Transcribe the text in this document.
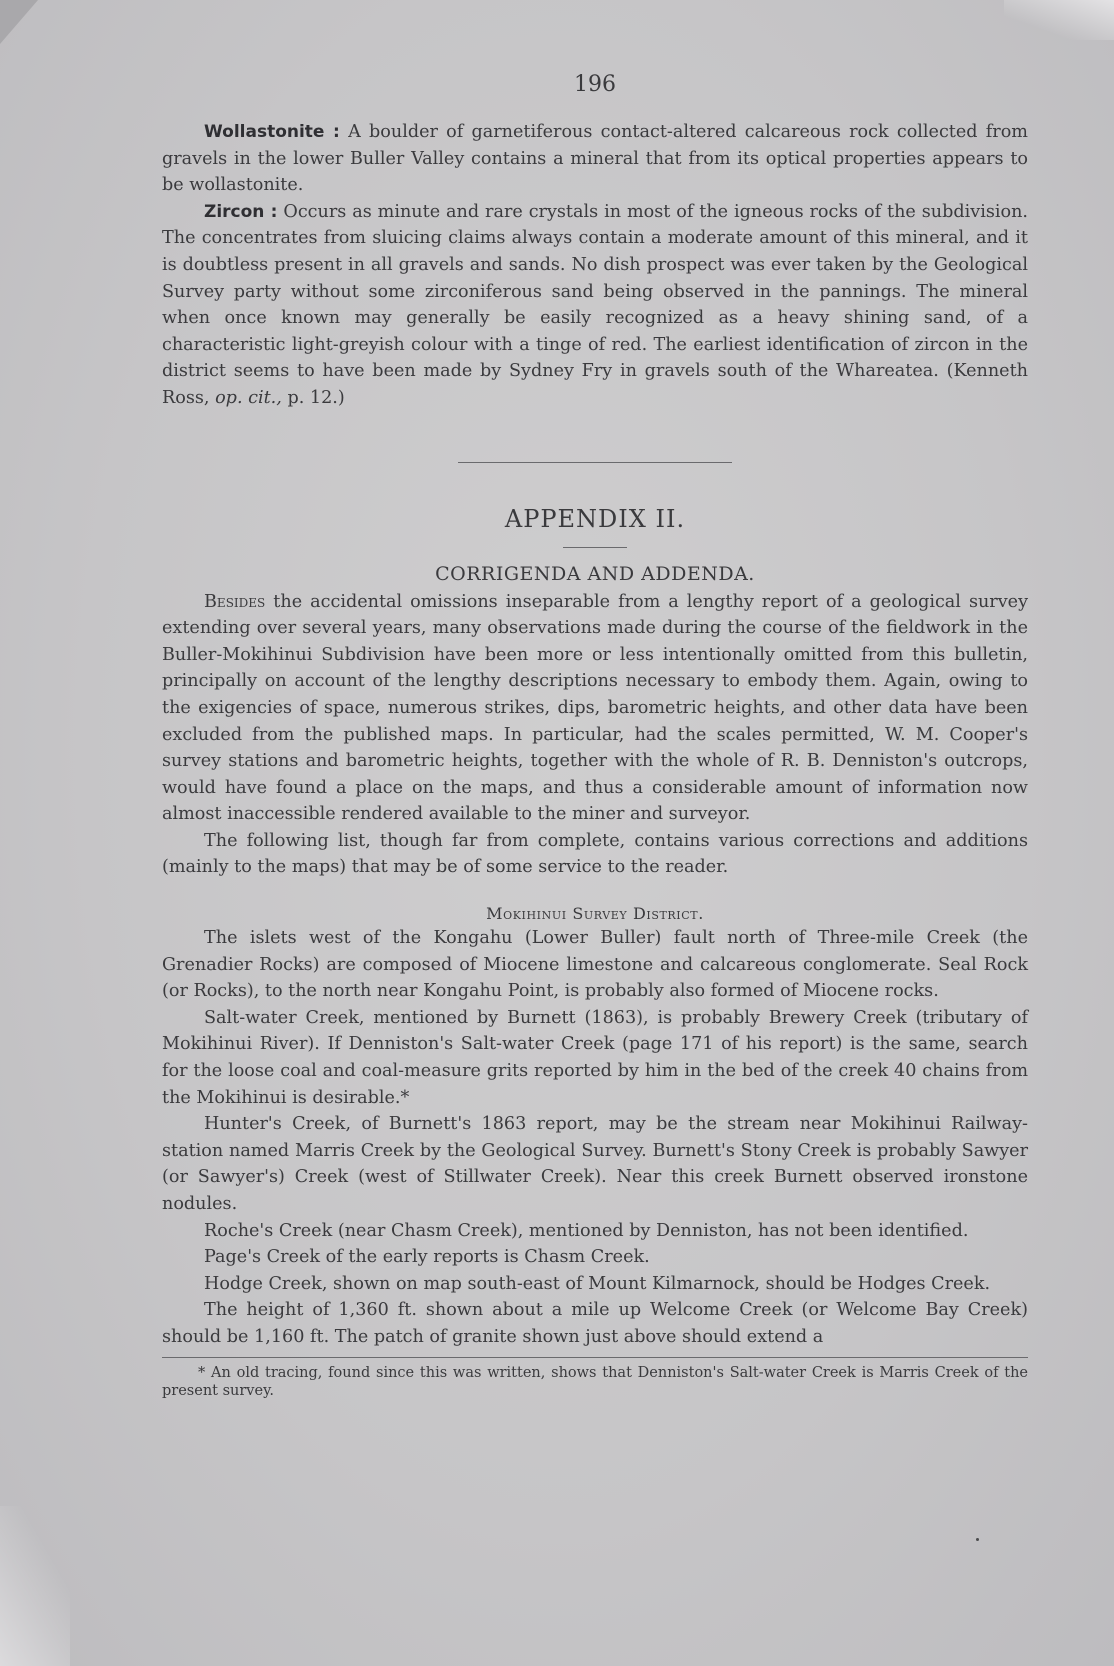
196

Wollastonite : A boulder of garnetiferous contact-altered calcareous rock collected from gravels in the lower Buller Valley contains a mineral that from its optical properties appears to be wollastonite.

Zircon : Occurs as minute and rare crystals in most of the igneous rocks of the subdivision. The concentrates from sluicing claims always contain a moderate amount of this mineral, and it is doubtless present in all gravels and sands. No dish prospect was ever taken by the Geological Survey party without some zirconiferous sand being observed in the pannings. The mineral when once known may generally be easily recognized as a heavy shining sand, of a characteristic light-greyish colour with a tinge of red. The earliest identification of zircon in the district seems to have been made by Sydney Fry in gravels south of the Whareatea. (Kenneth Ross, op. cit., p. 12.)

APPENDIX II.
CORRIGENDA AND ADDENDA.

Besides the accidental omissions inseparable from a lengthy report of a geological survey extending over several years, many observations made during the course of the fieldwork in the Buller-Mokihinui Subdivision have been more or less intentionally omitted from this bulletin, principally on account of the lengthy descriptions necessary to embody them. Again, owing to the exigencies of space, numerous strikes, dips, barometric heights, and other data have been excluded from the published maps. In particular, had the scales permitted, W. M. Cooper's survey stations and barometric heights, together with the whole of R. B. Denniston's outcrops, would have found a place on the maps, and thus a considerable amount of information now almost inaccessible rendered available to the miner and surveyor.

The following list, though far from complete, contains various corrections and additions (mainly to the maps) that may be of some service to the reader.

Mokihinui Survey District.

The islets west of the Kongahu (Lower Buller) fault north of Three-mile Creek (the Grenadier Rocks) are composed of Miocene limestone and calcareous conglomerate. Seal Rock (or Rocks), to the north near Kongahu Point, is probably also formed of Miocene rocks.

Salt-water Creek, mentioned by Burnett (1863), is probably Brewery Creek (tributary of Mokihinui River). If Denniston's Salt-water Creek (page 171 of his report) is the same, search for the loose coal and coal-measure grits reported by him in the bed of the creek 40 chains from the Mokihinui is desirable.*

Hunter's Creek, of Burnett's 1863 report, may be the stream near Mokihinui Railway-station named Marris Creek by the Geological Survey. Burnett's Stony Creek is probably Sawyer (or Sawyer's) Creek (west of Stillwater Creek). Near this creek Burnett observed ironstone nodules.

Roche's Creek (near Chasm Creek), mentioned by Denniston, has not been identified.

Page's Creek of the early reports is Chasm Creek.

Hodge Creek, shown on map south-east of Mount Kilmarnock, should be Hodges Creek.

The height of 1,360 ft. shown about a mile up Welcome Creek (or Welcome Bay Creek) should be 1,160 ft. The patch of granite shown just above should extend a

* An old tracing, found since this was written, shows that Denniston's Salt-water Creek is Marris Creek of the present survey.
